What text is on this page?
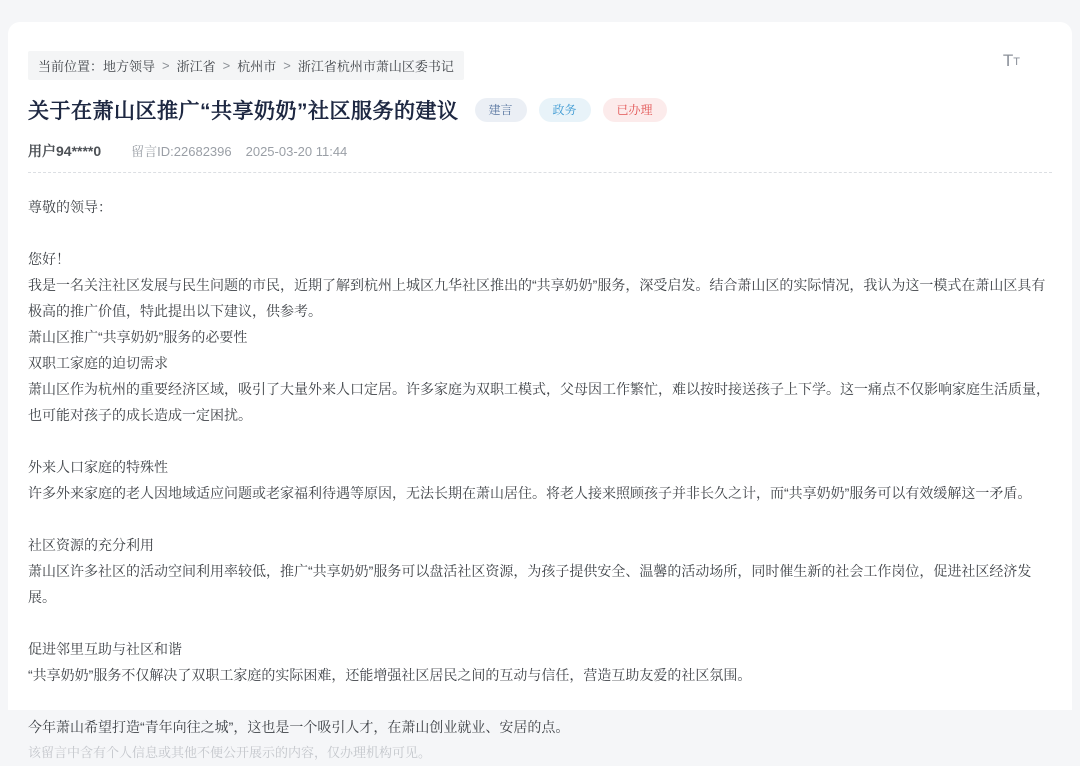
当前位置： 地方领导 > 浙江省 > 杭州市 > 浙江省杭州市萧山区委书记	T T
关于在萧山区推广“共享奶奶”社区服务的建议	建言	政务	已办理
用户94****0 留言ID:22682396 2025-03-20 11:44
尊敬的领导：
您好！
我是一名关注社区发展与民生问题的市民，近期了解到杭州上城区九华社区推出的“共享奶奶”服务，深受启发。结合萧山区的实际情况，我认为这一模式在萧山区具有极高的推广价值，特此提出以下建议，供参考。
萧山区推广“共享奶奶”服务的必要性
双职工家庭的迫切需求
萧山区作为杭州的重要经济区域，吸引了大量外来人口定居。许多家庭为双职工模式，父母因工作繁忙，难以按时接送孩子上下学。这一痛点不仅影响家庭生活质量，也可能对孩子的成长造成一定困扰。
外来人口家庭的特殊性
许多外来家庭的老人因地域适应问题或老家福利待遇等原因，无法长期在萧山居住。将老人接来照顾孩子并非长久之计，而“共享奶奶”服务可以有效缓解这一矛盾。
社区资源的充分利用
萧山区许多社区的活动空间利用率较低，推广“共享奶奶”服务可以盘活社区资源，为孩子提供安全、温馨的活动场所，同时催生新的社会工作岗位，促进社区经济发展。
促进邻里互助与社区和谐
“共享奶奶”服务不仅解决了双职工家庭的实际困难，还能增强社区居民之间的互动与信任，营造互助友爱的社区氛围。
今年萧山希望打造“青年向往之城”，这也是一个吸引人才，在萧山创业就业、安居的点。
该留言中含有个人信息或其他不便公开展示的内容，仅办理机构可见。
